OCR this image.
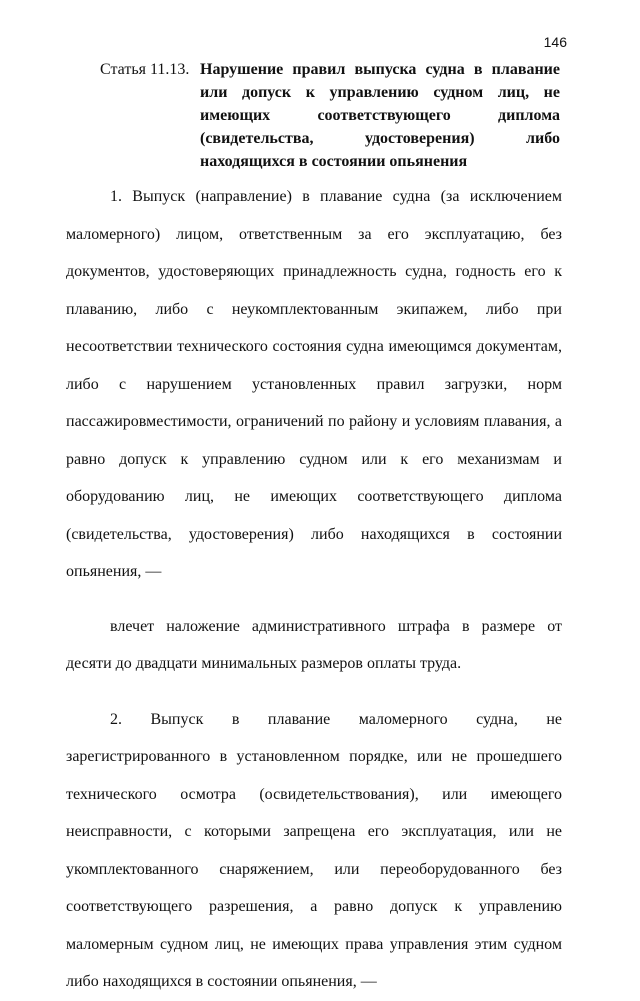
146
Статья 11.13. Нарушение правил выпуска судна в плавание или допуск к управлению судном лиц, не имеющих соответствующего диплома (свидетельства, удостоверения) либо находящихся в состоянии опьянения

1. Выпуск (направление) в плавание судна (за исключением маломерного) лицом, ответственным за его эксплуатацию, без документов, удостоверяющих принадлежность судна, годность его к плаванию, либо с неукомплектованным экипажем, либо при несоответствии технического состояния судна имеющимся документам, либо с нарушением установленных правил загрузки, норм пассажировместимости, ограничений по району и условиям плавания, а равно допуск к управлению судном или к его механизмам и оборудованию лиц, не имеющих соответствующего диплома (свидетельства, удостоверения) либо находящихся в состоянии опьянения, —

влечет наложение административного штрафа в размере от десяти до двадцати минимальных размеров оплаты труда.

2. Выпуск в плавание маломерного судна, не зарегистрированного в установленном порядке, или не прошедшего технического осмотра (освидетельствования), или имеющего неисправности, с которыми запрещена его эксплуатация, или не укомплектованного снаряжением, или переоборудованного без соответствующего разрешения, а равно допуск к управлению маломерным судном лиц, не имеющих права управления этим судном либо находящихся в состоянии опьянения, —
